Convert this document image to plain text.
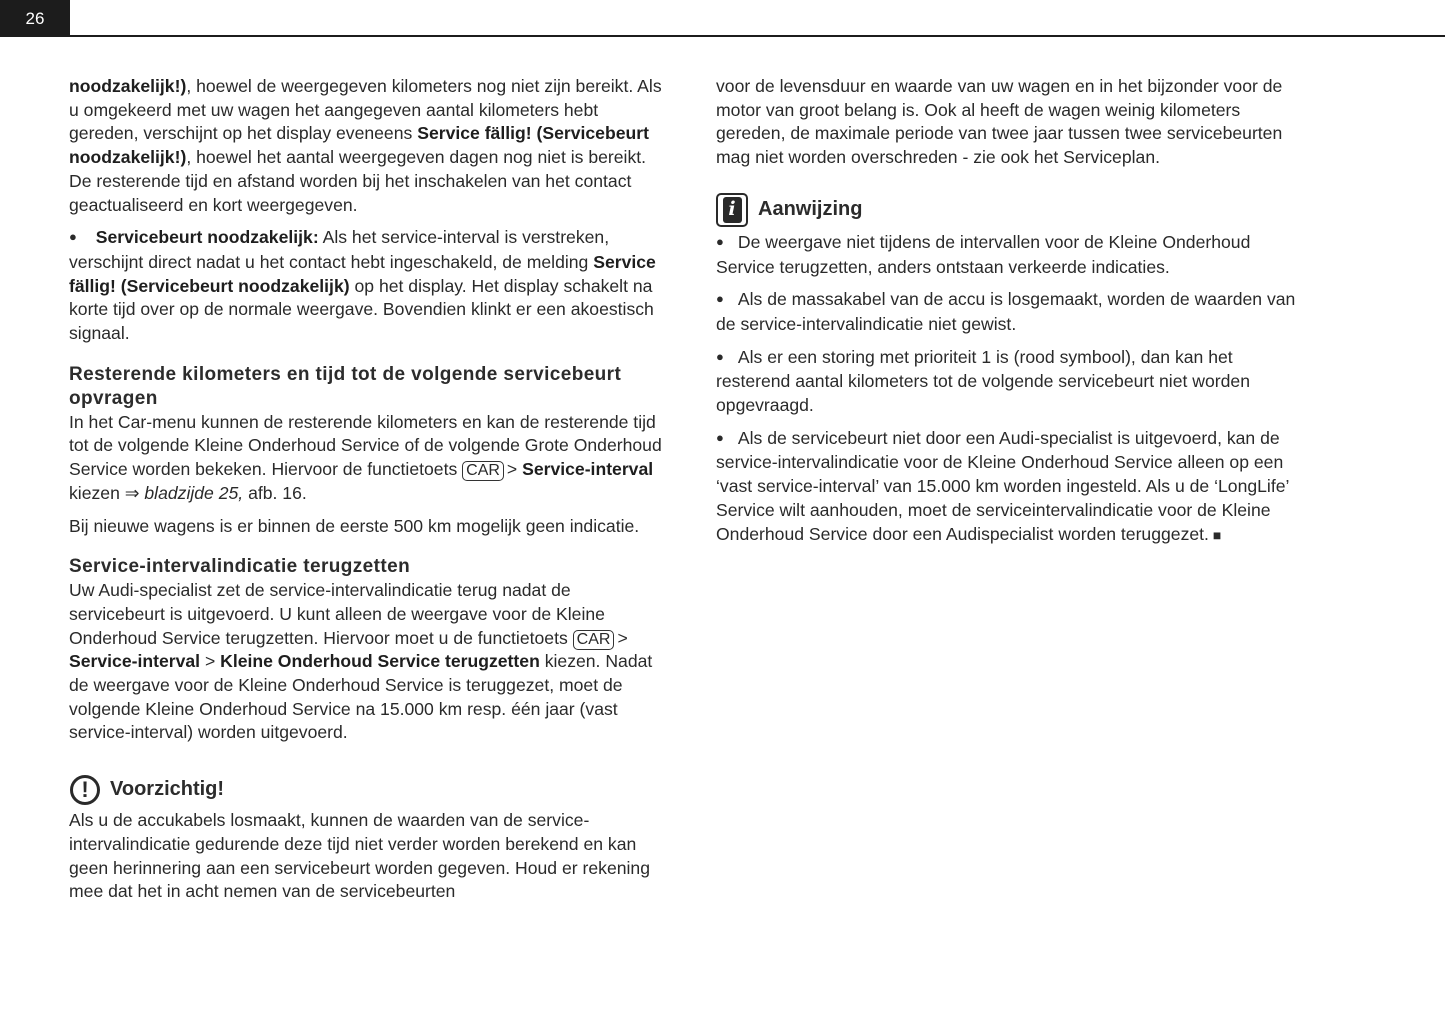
26

noodzakelijk!), hoewel de weergegeven kilometers nog niet zijn bereikt. Als u omgekeerd met uw wagen het aangegeven aantal kilometers hebt gereden, verschijnt op het display eveneens Service fällig! (Servicebeurt noodzakelijk!), hoewel het aantal weergegeven dagen nog niet is bereikt. De resterende tijd en afstand worden bij het inschakelen van het contact geactualiseerd en kort weergegeven.

● Servicebeurt noodzakelijk: Als het service-interval is verstreken, verschijnt direct nadat u het contact hebt ingeschakeld, de melding Service fällig! (Servicebeurt noodzakelijk) op het display. Het display schakelt na korte tijd over op de normale weergave. Bovendien klinkt er een akoestisch signaal.

Resterende kilometers en tijd tot de volgende servicebeurt opvragen

In het Car-menu kunnen de resterende kilometers en kan de resterende tijd tot de volgende Kleine Onderhoud Service of de volgende Grote Onderhoud Service worden bekeken. Hiervoor de functietoets CAR > Service-interval kiezen ⇒ bladzijde 25, afb. 16.

Bij nieuwe wagens is er binnen de eerste 500 km mogelijk geen indicatie.

Service-intervalindicatie terugzetten

Uw Audi-specialist zet de service-intervalindicatie terug nadat de servicebeurt is uitgevoerd. U kunt alleen de weergave voor de Kleine Onderhoud Service terugzetten. Hiervoor moet u de functietoets CAR > Service-interval > Kleine Onderhoud Service terugzetten kiezen. Nadat de weergave voor de Kleine Onderhoud Service is teruggezet, moet de volgende Kleine Onderhoud Service na 15.000 km resp. één jaar (vast service-interval) worden uitgevoerd.

!	Voorzichtig!

Als u de accukabels losmaakt, kunnen de waarden van de serviceintervalindicatie gedurende deze tijd niet verder worden berekend en kan geen herinnering aan een servicebeurt worden gegeven. Houd er rekening mee dat het in acht nemen van de servicebeurten

voor de levensduur en waarde van uw wagen en in het bijzonder voor de motor van groot belang is. Ook al heeft de wagen weinig kilometers gereden, de maximale periode van twee jaar tussen twee servicebeurten mag niet worden overschreden - zie ook het Serviceplan.

i Aanwijzing

● De weergave niet tijdens de intervallen voor de Kleine Onderhoud Service terugzetten, anders ontstaan verkeerde indicaties.

● Als de massakabel van de accu is losgemaakt, worden de waarden van de service-intervalindicatie niet gewist.

● Als er een storing met prioriteit 1 is (rood symbool), dan kan het resterend aantal kilometers tot de volgende servicebeurt niet worden opgevraagd.

● Als de servicebeurt niet door een Audi-specialist is uitgevoerd, kan de service-intervalindicatie voor de Kleine Onderhoud Service alleen op een ‘vast service-interval’ van 15.000 km worden ingesteld. Als u de ‘LongLife’ Service wilt aanhouden, moet de serviceintervalindicatie voor de Kleine Onderhoud Service door een Audispecialist worden teruggezet. ■
